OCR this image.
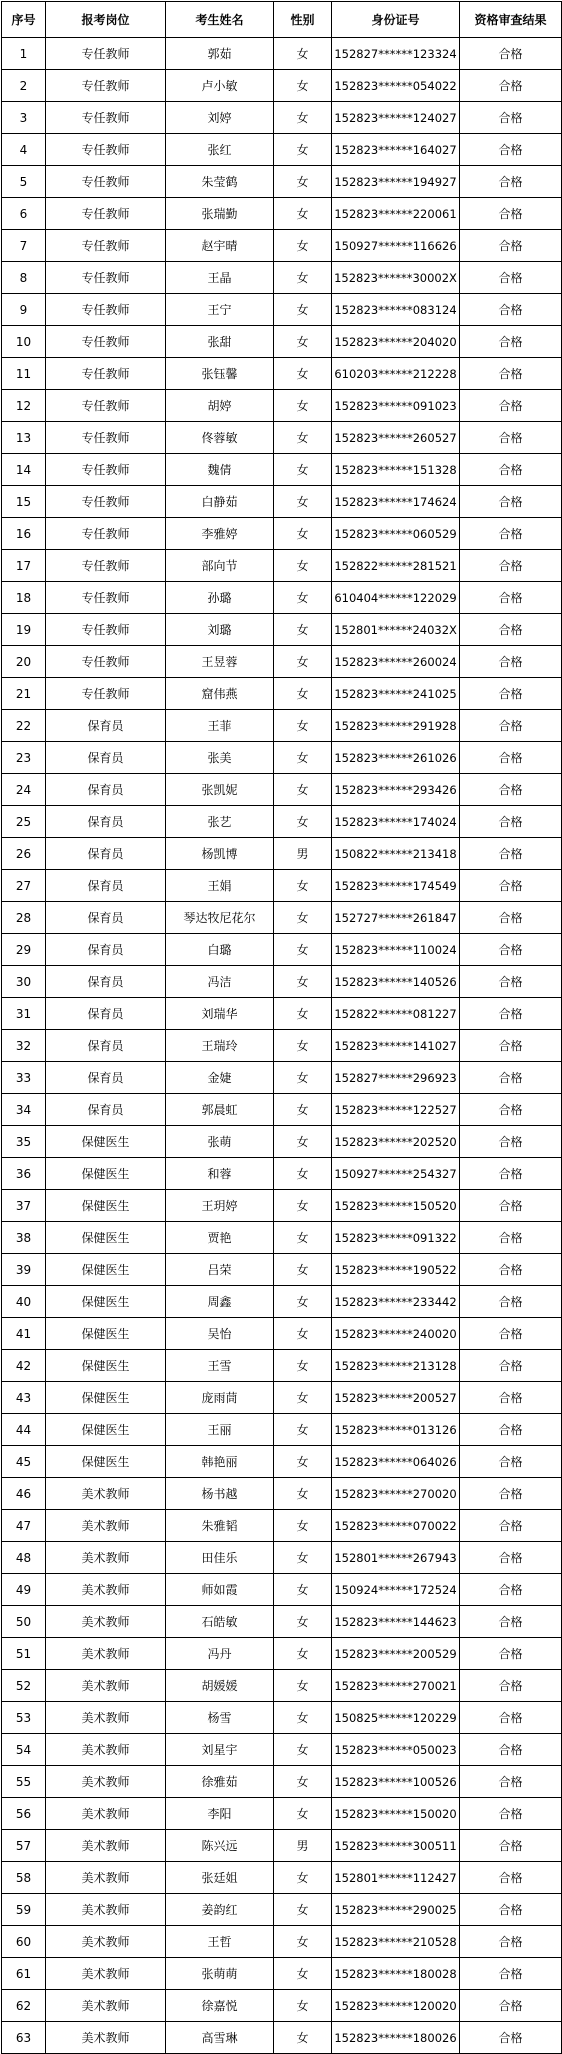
序号	报考岗位	考生姓名	性别	身份证号	资格审查结果
1	专任教师	郭茹	女	152827******123324	合格
2	专任教师	卢小敏	女	152823******054022	合格
3	专任教师	刘婷	女	152823******124027	合格
4	专任教师	张红	女	152823******164027	合格
5	专任教师	朱莹鹤	女	152823******194927	合格
6	专任教师	张瑞勤	女	152823******220061	合格
7	专任教师	赵宇晴	女	150927******116626	合格
8	专任教师	王晶	女	152823******30002X	合格
9	专任教师	王宁	女	152823******083124	合格
10	专任教师	张甜	女	152823******204020	合格
11	专任教师	张钰馨	女	610203******212228	合格
12	专任教师	胡婷	女	152823******091023	合格
13	专任教师	佟蓉敏	女	152823******260527	合格
14	专任教师	魏倩	女	152823******151328	合格
15	专任教师	白静茹	女	152823******174624	合格
16	专任教师	李雅婷	女	152823******060529	合格
17	专任教师	部向节	女	152822******281521	合格
18	专任教师	孙璐	女	610404******122029	合格
19	专任教师	刘璐	女	152801******24032X	合格
20	专任教师	王昱蓉	女	152823******260024	合格
21	专任教师	窟伟燕	女	152823******241025	合格
22	保育员	王菲	女	152823******291928	合格
23	保育员	张美	女	152823******261026	合格
24	保育员	张凯妮	女	152823******293426	合格
25	保育员	张艺	女	152823******174024	合格
26	保育员	杨凯博	男	150822******213418	合格
27	保育员	王娟	女	152823******174549	合格
28	保育员	琴达牧尼花尔	女	152727******261847	合格
29	保育员	白璐	女	152823******110024	合格
30	保育员	冯洁	女	152823******140526	合格
31	保育员	刘瑞华	女	152822******081227	合格
32	保育员	王瑞玲	女	152823******141027	合格
33	保育员	金婕	女	152827******296923	合格
34	保育员	郭晨虹	女	152823******122527	合格
35	保健医生	张萌	女	152823******202520	合格
36	保健医生	和蓉	女	150927******254327	合格
37	保健医生	王玥婷	女	152823******150520	合格
38	保健医生	贾艳	女	152823******091322	合格
39	保健医生	吕荣	女	152823******190522	合格
40	保健医生	周鑫	女	152823******233442	合格
41	保健医生	吴怡	女	152823******240020	合格
42	保健医生	王雪	女	152823******213128	合格
43	保健医生	庞雨茼	女	152823******200527	合格
44	保健医生	王丽	女	152823******013126	合格
45	保健医生	韩艳丽	女	152823******064026	合格
46	美术教师	杨书越	女	152823******270020	合格
47	美术教师	朱雅韬	女	152823******070022	合格
48	美术教师	田佳乐	女	152801******267943	合格
49	美术教师	师如霞	女	150924******172524	合格
50	美术教师	石皓敏	女	152823******144623	合格
51	美术教师	冯丹	女	152823******200529	合格
52	美术教师	胡媛媛	女	152823******270021	合格
53	美术教师	杨雪	女	150825******120229	合格
54	美术教师	刘星宇	女	152823******050023	合格
55	美术教师	徐雅茹	女	152823******100526	合格
56	美术教师	李阳	女	152823******150020	合格
57	美术教师	陈兴远	男	152823******300511	合格
58	美术教师	张廷姐	女	152801******112427	合格
59	美术教师	姜韵红	女	152823******290025	合格
60	美术教师	王哲	女	152823******210528	合格
61	美术教师	张萌萌	女	152823******180028	合格
62	美术教师	徐嘉悦	女	152823******120020	合格
63	美术教师	高雪琳	女	152823******180026	合格
